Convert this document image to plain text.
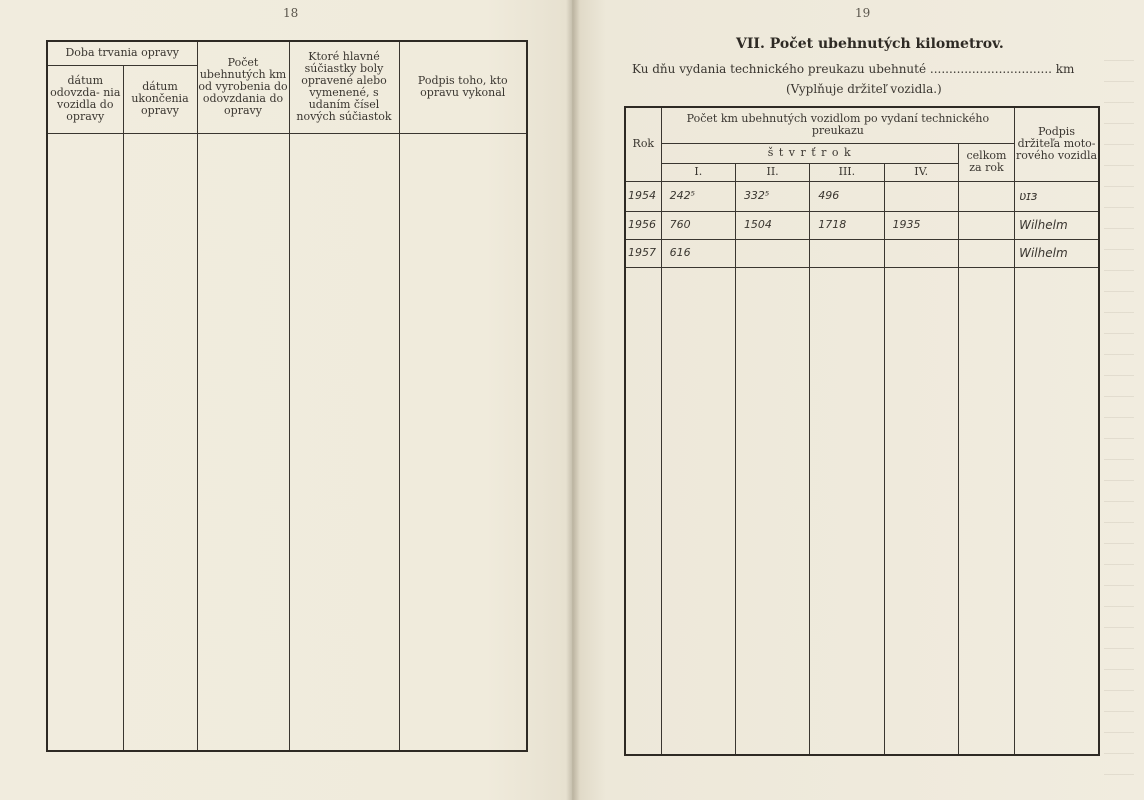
18
Doba trvania opravy		Počet ubehnutých km od vyrobenia do odovzdania do opravy	Ktoré hlavné súčiastky boly opravené alebo vymenené, s udaním čísel nových súčiastok	Podpis toho, kto opravu vykonal
dátum odovzda- nia vozidla do opravy	dátum ukončenia opravy			

19
VII. Počet ubehnutých kilometrov.
Ku dňu vydania technického preukazu ubehnuté ................................ km
(Vyplňuje držiteľ vozidla.)
Rok	Počet km ubehnutých vozidlom po vydaní technického preukazu					Podpis držiteľa moto- rového vozidla
	š t v r ť r o k				celkom za rok	
	I.	II.	III.	IV.		
1954	242⁵	332⁵	496			ʋɪɜ
1956	760	1504	1718	1935		Wilhelm
1957	616					Wilhelm
